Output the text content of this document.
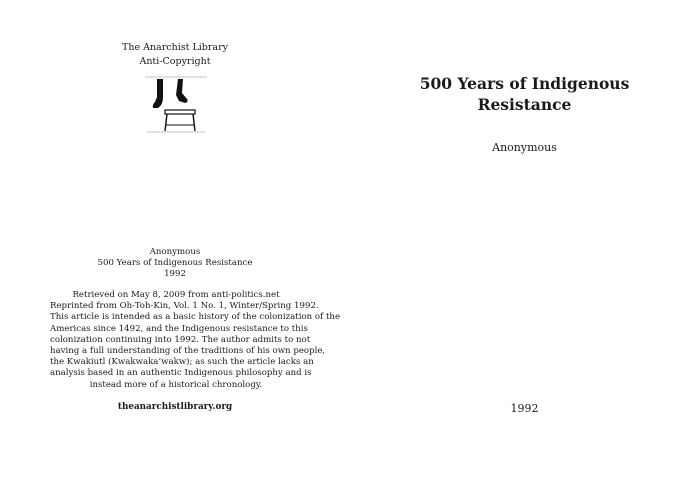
The Anarchist Library
Anti-Copyright
Anonymous
500 Years of Indigenous Resistance
1992
Retrieved on May 8, 2009 from anti-politics.net
Reprinted from Oh-Toh-Kin, Vol. 1 No. 1, Winter/Spring 1992.
This article is intended as a basic history of the colonization of the
Americas since 1492, and the Indigenous resistance to this
colonization continuing into 1992. The author admits to not
having a full understanding of the traditions of his own people,
the Kwakiutl (Kwakwaka’wakw); as such the article lacks an
analysis based in an authentic Indigenous philosophy and is
instead more of a historical chronology.
theanarchistlibrary.org
500 Years of Indigenous
Resistance
Anonymous
1992
